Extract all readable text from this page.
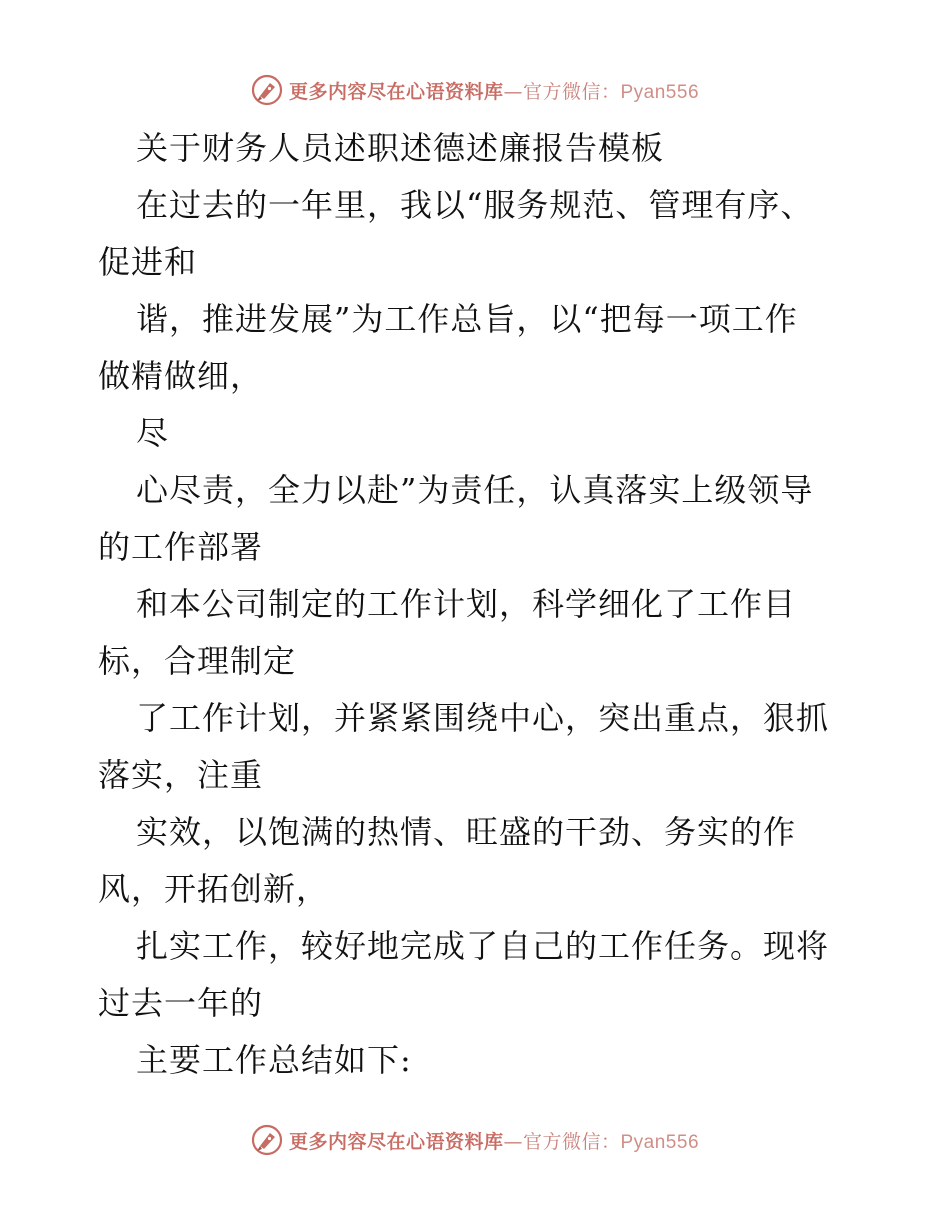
更多内容尽在心语资料库—官方微信：Pyan556
关于财务人员述职述德述廉报告模板
在过去的一年里，我以“服务规范、管理有序、
促进和
谐，推进发展”为工作总旨，以“把每一项工作
做精做细，
尽
心尽责，全力以赴”为责任，认真落实上级领导
的工作部署
和本公司制定的工作计划，科学细化了工作目
标，合理制定
了工作计划，并紧紧围绕中心，突出重点，狠抓
落实，注重
实效，以饱满的热情、旺盛的干劲、务实的作
风，开拓创新，
扎实工作，较好地完成了自己的工作任务。现将
过去一年的
主要工作总结如下:
更多内容尽在心语资料库—官方微信：Pyan556
